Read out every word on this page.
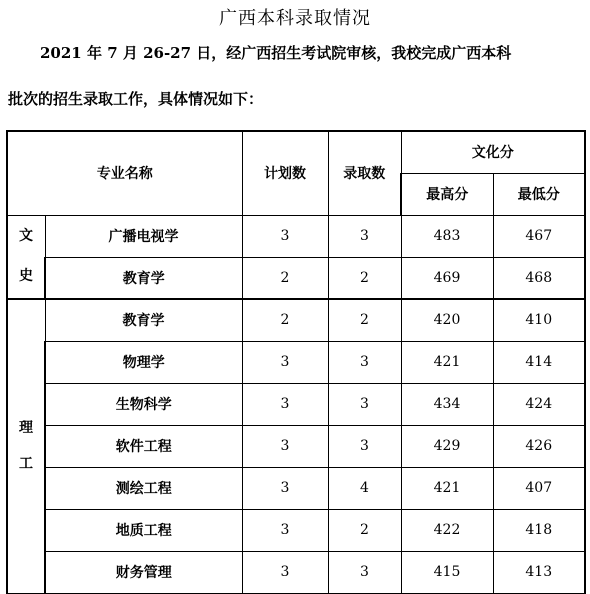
广西本科录取情况
2021 年 7 月 26-27 日，经广西招生考试院审核，我校完成广西本科
批次的招生录取工作，具体情况如下：
专业名称		计划数	录取数	文化分	
				最高分	最低分

文
史	广播电视学	3	3	483	467
	教育学	2	2	469	468

理
工	教育学	2	2	420	410
	物理学	3	3	421	414
	生物科学	3	3	434	424
	软件工程	3	3	429	426
	测绘工程	3	4	421	407
	地质工程	3	2	422	418
	财务管理	3	3	415	413
